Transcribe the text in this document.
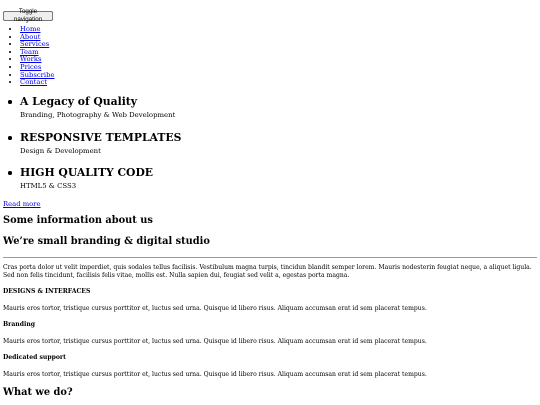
Toggle navigation
• Home
• About
• Services
• Team
• Works
• Prices
• Subscribe
• Contact
A Legacy of Quality

Branding, Photography & Web Development

RESPONSIVE TEMPLATES

Design & Development

HIGH QUALITY CODE

HTML5 & CSS3

Read more
Some information about us
We’re small branding & digital studio

Cras porta dolor ut velit imperdiet, quis sodales tellus facilisis. Vestibulum magna turpis, tincidun blandit semper lorem. Mauris nodesterin feugiat neque, a aliquet ligula. Sed non felis tincidunt, facilisis felis vitae, mollis est. Nulla sapien dui, feugiat sed velit a, egestas porta magna.

DESIGNS & INTERFACES

Mauris eros tortor, tristique cursus porttitor et, luctus sed urna. Quisque id libero risus. Aliquam accumsan erat id sem placerat tempus.

Branding

Mauris eros tortor, tristique cursus porttitor et, luctus sed urna. Quisque id libero risus. Aliquam accumsan erat id sem placerat tempus.

Dedicated support

Mauris eros tortor, tristique cursus porttitor et, luctus sed urna. Quisque id libero risus. Aliquam accumsan erat id sem placerat tempus.

What we do?
